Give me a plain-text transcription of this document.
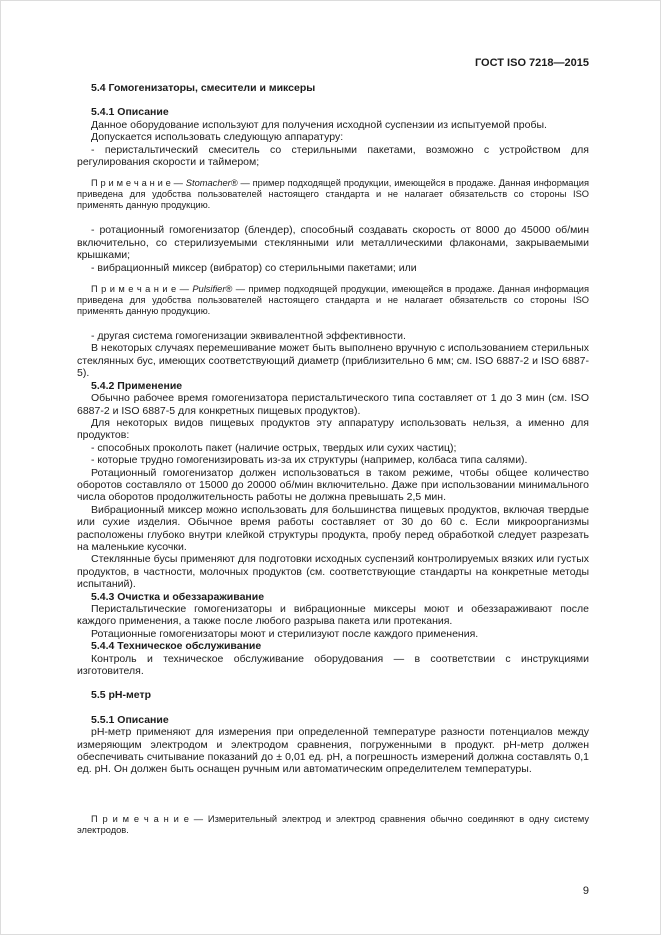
ГОСТ ISO 7218—2015
5.4 Гомогенизаторы, смесители и миксеры
5.4.1 Описание
Данное оборудование используют для получения исходной суспензии из испытуемой пробы.
Допускается использовать следующую аппаратуру:
- перистальтический смеситель со стерильными пакетами, возможно с устройством для регулирования скорости и таймером;
П р и м е ч а н и е — Stomacher® — пример подходящей продукции, имеющейся в продаже. Данная информация приведена для удобства пользователей настоящего стандарта и не налагает обязательств со стороны ISO применять данную продукцию.
- ротационный гомогенизатор (блендер), способный создавать скорость от 8000 до 45000 об/мин включительно, со стерилизуемыми стеклянными или металлическими флаконами, закрываемыми крышками;
- вибрационный миксер (вибратор) со стерильными пакетами; или
П р и м е ч а н и е — Pulsifier® — пример подходящей продукции, имеющейся в продаже. Данная информация приведена для удобства пользователей настоящего стандарта и не налагает обязательств со стороны ISO применять данную продукцию.
- другая система гомогенизации эквивалентной эффективности.
В некоторых случаях перемешивание может быть выполнено вручную с использованием стерильных стеклянных бус, имеющих соответствующий диаметр (приблизительно 6 мм; см. ISO 6887-2 и ISO 6887-5).
5.4.2 Применение
Обычно рабочее время гомогенизатора перистальтического типа составляет от 1 до 3 мин (см. ISO 6887-2 и ISO 6887-5 для конкретных пищевых продуктов).
Для некоторых видов пищевых продуктов эту аппаратуру использовать нельзя, а именно для продуктов:
- способных проколоть пакет (наличие острых, твердых или сухих частиц);
- которые трудно гомогенизировать из-за их структуры (например, колбаса типа салями).
Ротационный гомогенизатор должен использоваться в таком режиме, чтобы общее количество оборотов составляло от 15000 до 20000 об/мин включительно. Даже при использовании минимального числа оборотов продолжительность работы не должна превышать 2,5 мин.
Вибрационный миксер можно использовать для большинства пищевых продуктов, включая твердые или сухие изделия. Обычное время работы составляет от 30 до 60 с. Если микроорганизмы расположены глубоко внутри клейкой структуры продукта, пробу перед обработкой следует разрезать на маленькие кусочки.
Стеклянные бусы применяют для подготовки исходных суспензий контролируемых вязких или густых продуктов, в частности, молочных продуктов (см. соответствующие стандарты на конкретные методы испытаний).
5.4.3 Очистка и обеззараживание
Перистальтические гомогенизаторы и вибрационные миксеры моют и обеззараживают после каждого применения, а также после любого разрыва пакета или протекания.
Ротационные гомогенизаторы моют и стерилизуют после каждого применения.
5.4.4 Техническое обслуживание
Контроль и техническое обслуживание оборудования — в соответствии с инструкциями изготовителя.
5.5 pH-метр
5.5.1 Описание
pH-метр применяют для измерения при определенной температуре разности потенциалов между измеряющим электродом и электродом сравнения, погруженными в продукт. pH-метр должен обеспечивать считывание показаний до ± 0,01 ед. pH, а погрешность измерений должна составлять 0,1 ед. pH. Он должен быть оснащен ручным или автоматическим определителем температуры.
П р и м е ч а н и е — Измерительный электрод и электрод сравнения обычно соединяют в одну систему электродов.
9
